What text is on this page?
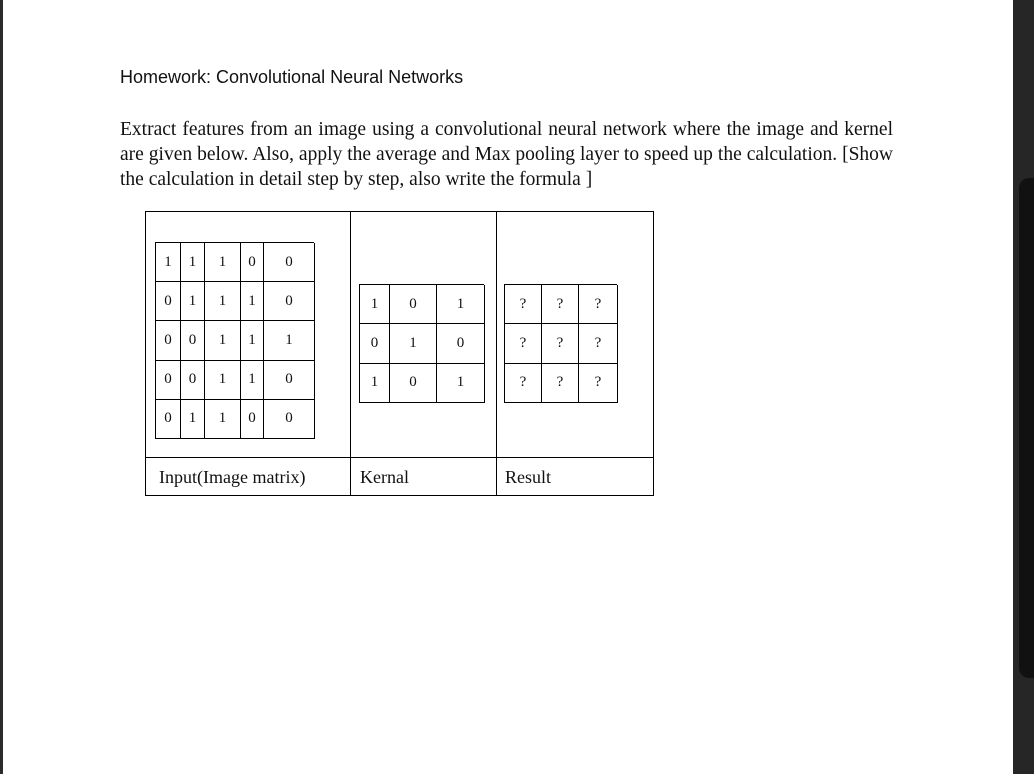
Homework: Convolutional Neural Networks
Extract features from an image using a convolutional neural network where the image and kernel are given below. Also, apply the average and Max pooling layer to speed up the calculation. [Show the calculation in detail step by step, also write the formula ]
Input(Image matrix)	Kernal	Result
1	1	1	0	0
0	1	1	1	0
0	0	1	1	1
0	0	1	1	0
0	1	1	0	0
1	0	1
0	1	0
1	0	1
?	?	?
?	?	?
?	?	?
